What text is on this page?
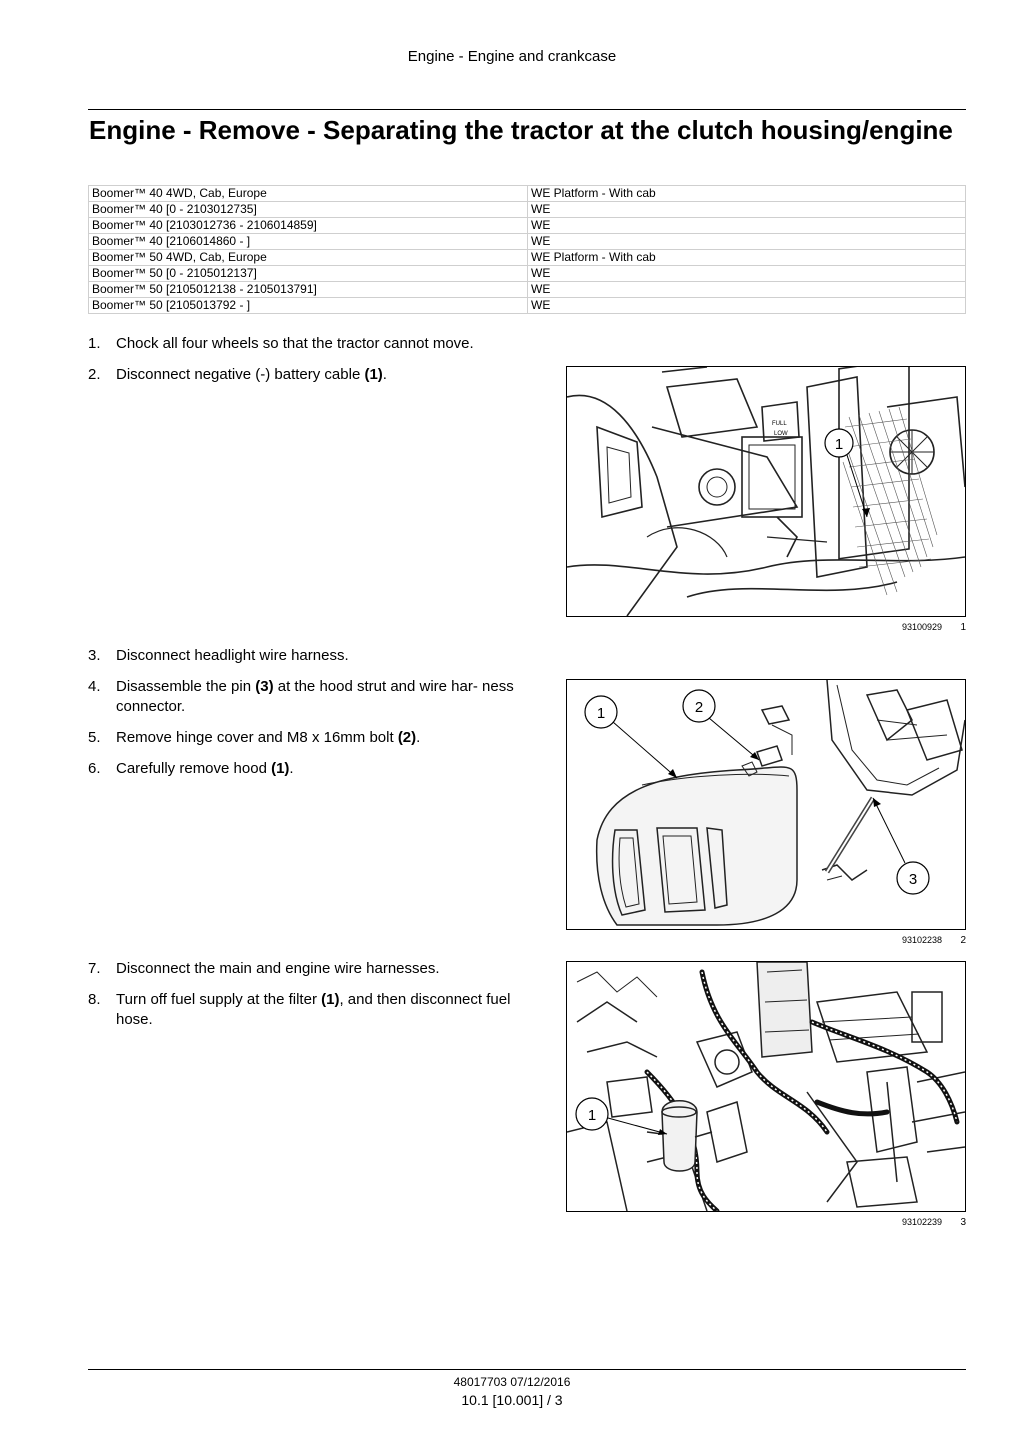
Engine - Engine and crankcase
Engine - Remove - Separating the tractor at the clutch housing/engine
Boomer™ 40 4WD, Cab, Europe	WE Platform - With cab
Boomer™ 40 [0 - 2103012735]	WE
Boomer™ 40 [2103012736 - 2106014859]	WE
Boomer™ 40 [2106014860 - ]	WE
Boomer™ 50 4WD, Cab, Europe	WE Platform - With cab
Boomer™ 50 [0 - 2105012137]	WE
Boomer™ 50 [2105012138 - 2105013791]	WE
Boomer™ 50 [2105013792 - ]	WE
1.	Chock all four wheels so that the tractor cannot move.
2.	Disconnect negative (-) battery cable (1).
FULL
LOW
1
93100929 1
3.	Disconnect headlight wire harness.
4.	Disassemble the pin (3) at the hood strut and wire har- ness connector.
5.	Remove hinge cover and M8 x 16mm bolt (2).
6.	Carefully remove hood (1).
1	2
3
93102238 2
7.	Disconnect the main and engine wire harnesses.
8.	Turn off fuel supply at the filter (1), and then disconnect fuel hose.
1
93102239 3
48017703 07/12/2016
10.1 [10.001] / 3
